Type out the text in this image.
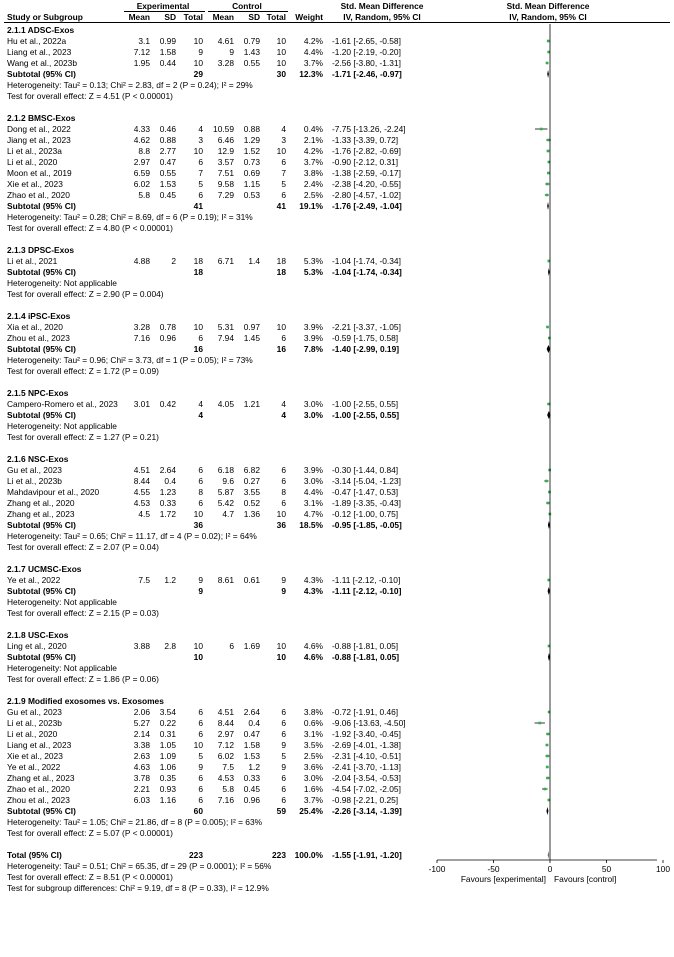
Experimental	Control	Std. Mean Difference	Std. Mean Difference
Study or Subgroup	Mean	SD Total	Mean	SD Total	Weight	IV, Random, 95% CI	IV, Random, 95% CI
2.1.1 ADSC-Exos
Hu et al., 2022a	3.1	0.99	10	4.61	0.79	10	4.2% -1.61 [-2.65, -0.58]
Liang et al., 2023	7.12	1.58	9	9	1.43	10	4.4% -1.20 [-2.19, -0.20]
Wang et al., 2023b	1.95	0.44	10	3.28	0.55	10	3.7% -2.56 [-3.80, -1.31]
Subtotal (95% CI)	29	30	12.3% -1.71 [-2.46, -0.97]
Heterogeneity: Tau² = 0.13; Chi² = 2.83, df = 2 (P = 0.24); I² = 29%
Test for overall effect: Z = 4.51 (P < 0.00001)
2.1.2 BMSC-Exos
Dong et al., 2022	4.33	0.46	4	10.59	0.88	4	0.4% -7.75 [-13.26, -2.24]
Jiang et al., 2023	4.62	0.88	3	6.46	1.29	3	2.1% -1.33 [-3.39, 0.72]
Li et al., 2023a	8.8	2.77	10	12.9	1.52	10	4.2% -1.76 [-2.82, -0.69]
Li et al., 2020	2.97	0.47	6	3.57	0.73	6	3.7% -0.90 [-2.12, 0.31]
Moon et al., 2019	6.59	0.55	7	7.51	0.69	7	3.8% -1.38 [-2.59, -0.17]
Xie et al., 2023	6.02	1.53	5	9.58	1.15	5	2.4% -2.38 [-4.20, -0.55]
Zhao et al., 2020	5.8	0.45	6	7.29	0.53	6	2.5% -2.80 [-4.57, -1.02]
Subtotal (95% CI)	41	41	19.1% -1.76 [-2.49, -1.04]
Heterogeneity: Tau² = 0.28; Chi² = 8.69, df = 6 (P = 0.19); I² = 31%
Test for overall effect: Z = 4.80 (P < 0.00001)
2.1.3 DPSC-Exos
Li et al., 2021	4.88	2	18	6.71	1.4	18	5.3% -1.04 [-1.74, -0.34]
Subtotal (95% CI)	18	18	5.3% -1.04 [-1.74, -0.34]
Heterogeneity: Not applicable
Test for overall effect: Z = 2.90 (P = 0.004)
2.1.4 iPSC-Exos
Xia et al., 2020	3.28	0.78	10	5.31	0.97	10	3.9% -2.21 [-3.37, -1.05]
Zhou et al., 2023	7.16	0.96	6	7.94	1.45	6	3.9% -0.59 [-1.75, 0.58]
Subtotal (95% CI)	16	16	7.8% -1.40 [-2.99, 0.19]
Heterogeneity: Tau² = 0.96; Chi² = 3.73, df = 1 (P = 0.05); I² = 73%
Test for overall effect: Z = 1.72 (P = 0.09)
2.1.5 NPC-Exos
Campero-Romero et al., 2023	3.01	0.42	4	4.05	1.21	4	3.0% -1.00 [-2.55, 0.55]
Subtotal (95% CI)	4	4	3.0% -1.00 [-2.55, 0.55]
Heterogeneity: Not applicable
Test for overall effect: Z = 1.27 (P = 0.21)
2.1.6 NSC-Exos
Gu et al., 2023	4.51	2.64	6	6.18	6.82	6	3.9% -0.30 [-1.44, 0.84]
Li et al., 2023b	8.44	0.4	6	9.6	0.27	6	3.0% -3.14 [-5.04, -1.23]
Mahdavipour et al., 2020	4.55	1.23	8	5.87	3.55	8	4.4% -0.47 [-1.47, 0.53]
Zhang et al., 2020	4.53	0.33	6	5.42	0.52	6	3.1% -1.89 [-3.35, -0.43]
Zhang et al., 2023	4.5	1.72	10	4.7	1.36	10	4.7% -0.12 [-1.00, 0.75]
Subtotal (95% CI)	36	36	18.5% -0.95 [-1.85, -0.05]
Heterogeneity: Tau² = 0.65; Chi² = 11.17, df = 4 (P = 0.02); I² = 64%
Test for overall effect: Z = 2.07 (P = 0.04)
2.1.7 UCMSC-Exos
Ye et al., 2022	7.5	1.2	9	8.61	0.61	9	4.3% -1.11 [-2.12, -0.10]
Subtotal (95% CI)	9	9	4.3% -1.11 [-2.12, -0.10]
Heterogeneity: Not applicable
Test for overall effect: Z = 2.15 (P = 0.03)
2.1.8 USC-Exos
Ling et al., 2020	3.88	2.8	10	6	1.69	10	4.6% -0.88 [-1.81, 0.05]
Subtotal (95% CI)	10	10	4.6% -0.88 [-1.81, 0.05]
Heterogeneity: Not applicable
Test for overall effect: Z = 1.86 (P = 0.06)
2.1.9 Modified exosomes vs. Exosomes
Gu et al., 2023	2.06	3.54	6	4.51	2.64	6	3.8% -0.72 [-1.91, 0.46]
Li et al., 2023b	5.27	0.22	6	8.44	0.4	6	0.6% -9.06 [-13.63, -4.50]
Li et al., 2020	2.14	0.31	6	2.97	0.47	6	3.1% -1.92 [-3.40, -0.45]
Liang et al., 2023	3.38	1.05	10	7.12	1.58	9	3.5% -2.69 [-4.01, -1.38]
Xie et al., 2023	2.63	1.09	5	6.02	1.53	5	2.5% -2.31 [-4.10, -0.51]
Ye et al., 2022	4.63	1.06	9	7.5	1.2	9	3.6% -2.41 [-3.70, -1.13]
Zhang et al., 2023	3.78	0.35	6	4.53	0.33	6	3.0% -2.04 [-3.54, -0.53]
Zhao et al., 2020	2.21	0.93	6	5.8	0.45	6	1.6% -4.54 [-7.02, -2.05]
Zhou et al., 2023	6.03	1.16	6	7.16	0.96	6	3.7% -0.98 [-2.21, 0.25]
Subtotal (95% CI)	60	59	25.4% -2.26 [-3.14, -1.39]
Heterogeneity: Tau² = 1.05; Chi² = 21.86, df = 8 (P = 0.005); I² = 63%
Test for overall effect: Z = 5.07 (P < 0.00001)
Total (95% CI)	223	223	100.0% -1.55 [-1.91, -1.20]
Heterogeneity: Tau² = 0.51; Chi² = 65.35, df = 29 (P = 0.0001); I² = 56%
Test for overall effect: Z = 8.51 (P < 0.00001)
Test for subgroup differences: Chi² = 9.19, df = 8 (P = 0.33), I² = 12.9%
-100	-50	0	50	100
Favours [experimental] Favours [control]
